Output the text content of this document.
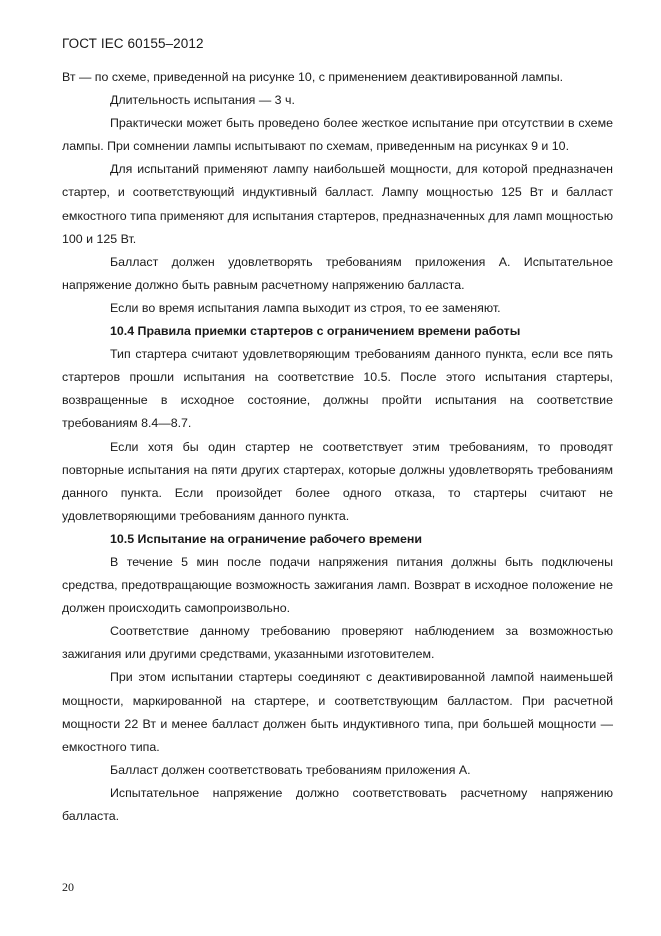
ГОСТ IEC 60155–2012

Вт — по схеме, приведенной на рисунке 10, с применением деактивированной лампы.

Длительность испытания — 3 ч.

Практически может быть проведено более жесткое испытание при отсутствии в схеме лампы. При сомнении лампы испытывают по схемам, приведенным на рисунках 9 и 10.

Для испытаний применяют лампу наибольшей мощности, для которой предназначен стартер, и соответствующий индуктивный балласт. Лампу мощностью 125 Вт и балласт емкостного типа применяют для испытания стартеров, предназначенных для ламп мощностью 100 и 125 Вт.

Балласт должен удовлетворять требованиям приложения А. Испытательное напряжение должно быть равным расчетному напряжению балласта.

Если во время испытания лампа выходит из строя, то ее заменяют.

10.4 Правила приемки стартеров с ограничением времени работы

Тип стартера считают удовлетворяющим требованиям данного пункта, если все пять стартеров прошли испытания на соответствие 10.5. После этого испытания стартеры, возвращенные в исходное состояние, должны пройти испытания на соответствие требованиям 8.4—8.7.

Если хотя бы один стартер не соответствует этим требованиям, то проводят повторные испытания на пяти других стартерах, которые должны удовлетворять требованиям данного пункта. Если произойдет более одного отказа, то стартеры считают не удовлетворяющими требованиям данного пункта.

10.5 Испытание на ограничение рабочего времени

В течение 5 мин после подачи напряжения питания должны быть подключены средства, предотвращающие возможность зажигания ламп. Возврат в исходное положение не должен происходить самопроизвольно.

Соответствие данному требованию проверяют наблюдением за возможностью зажигания или другими средствами, указанными изготовителем.

При этом испытании стартеры соединяют с деактивированной лампой наименьшей мощности, маркированной на стартере, и соответствующим балластом. При расчетной мощности 22 Вт и менее балласт должен быть индуктивного типа, при большей мощности — емкостного типа.

Балласт должен соответствовать требованиям приложения А.

Испытательное напряжение должно соответствовать расчетному напряжению балласта.

20
